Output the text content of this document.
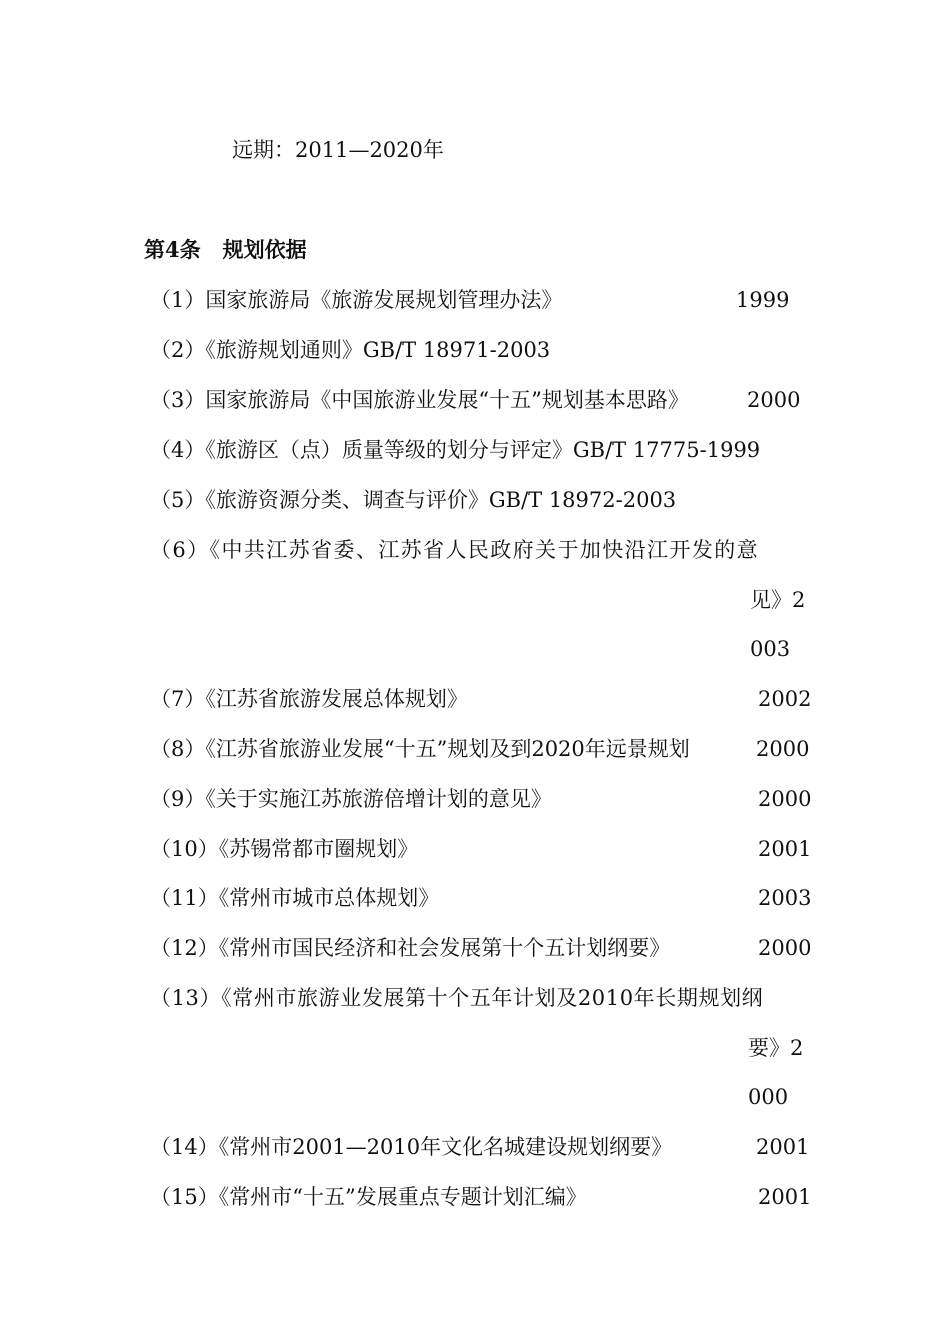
远期：2011—2020年
第4条 规划依据
（1）国家旅游局《旅游发展规划管理办法》	1999
（2）《旅游规划通则》GB/T 18971-2003
（3）国家旅游局《中国旅游业发展“十五”规划基本思路》	2000
（4）《旅游区（点）质量等级的划分与评定》GB/T 17775-1999
（5）《旅游资源分类、调查与评价》GB/T 18972-2003
（6）《中共江苏省委、江苏省人民政府关于加快沿江开发的意
见》2
003
（7）《江苏省旅游发展总体规划》	2002
（8）《江苏省旅游业发展“十五”规划及到2020年远景规划	2000
（9）《关于实施江苏旅游倍增计划的意见》	2000
（10）《苏锡常都市圈规划》	2001
（11）《常州市城市总体规划》	2003
（12）《常州市国民经济和社会发展第十个五计划纲要》	2000
（13）《常州市旅游业发展第十个五年计划及2010年长期规划纲
要》2
000
（14）《常州市2001—2010年文化名城建设规划纲要》	2001
（15）《常州市“十五”发展重点专题计划汇编》	2001
